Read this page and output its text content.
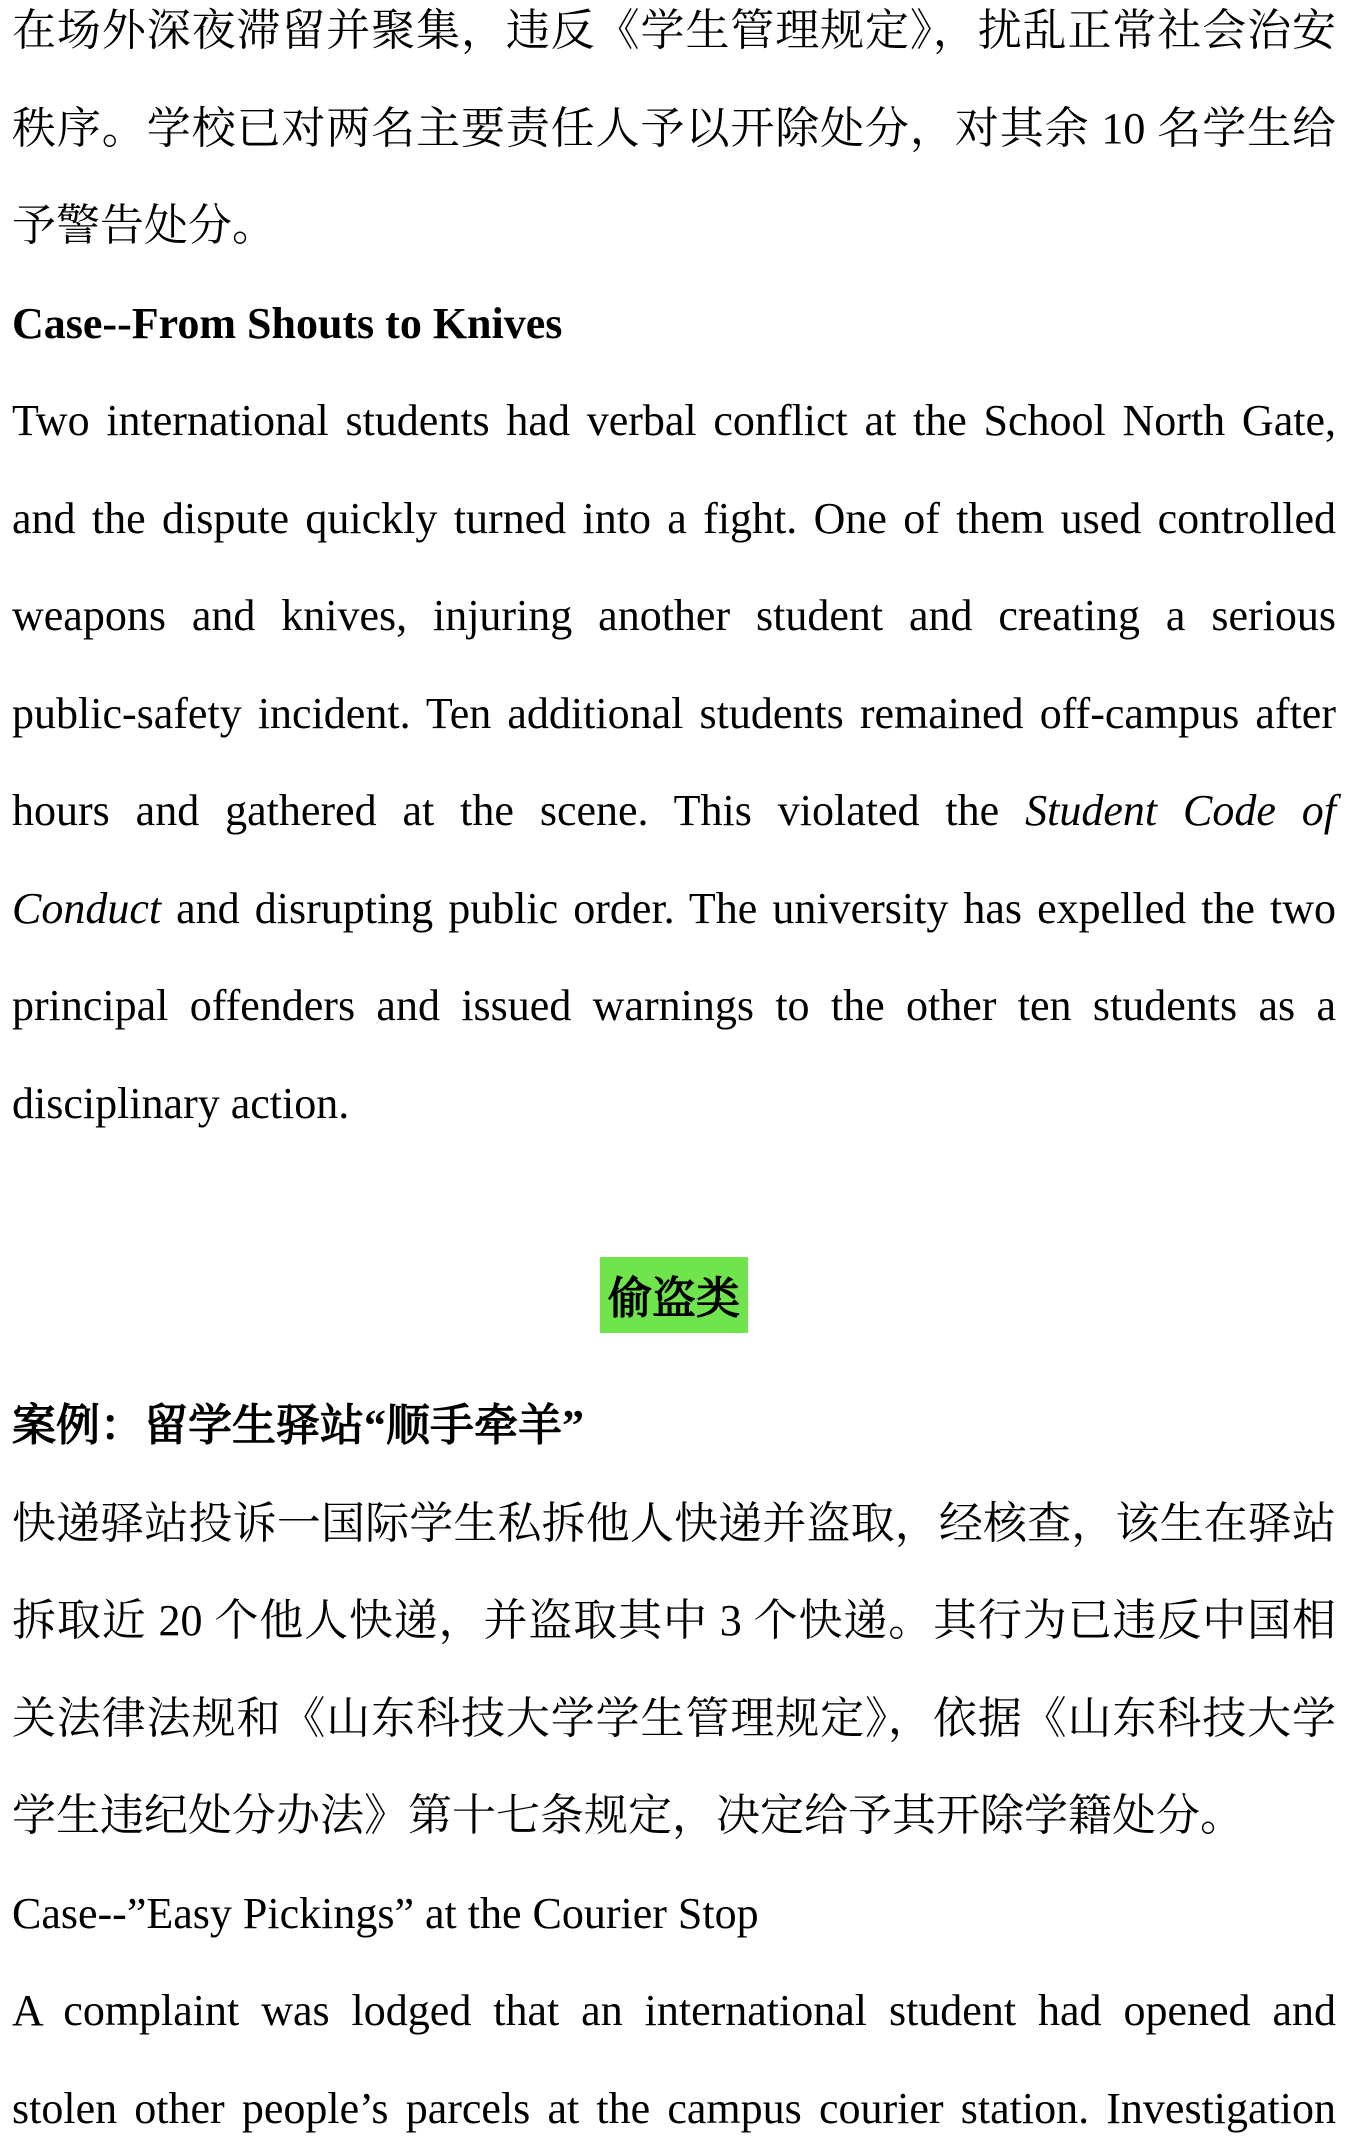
在场外深夜滞留并聚集，违反《学生管理规定》，扰乱正常社会治安
秩序。学校已对两名主要责任人予以开除处分，对其余 10 名学生给
予警告处分。
Case--From Shouts to Knives
Two international students had verbal conflict at the School North Gate,
and the dispute quickly turned into a fight. One of them used controlled
weapons and knives, injuring another student and creating a serious
public-safety incident. Ten additional students remained off-campus after
hours and gathered at the scene. This violated the Student Code of
Conduct and disrupting public order. The university has expelled the two
principal offenders and issued warnings to the other ten students as a
disciplinary action.
偷盗类
案例：留学生驿站“顺手牵羊”
快递驿站投诉一国际学生私拆他人快递并盗取，经核查，该生在驿站
拆取近 20 个他人快递，并盗取其中 3 个快递。其行为已违反中国相
关法律法规和《山东科技大学学生管理规定》，依据《山东科技大学
学生违纪处分办法》第十七条规定，决定给予其开除学籍处分。
Case--”Easy Pickings” at the Courier Stop
A complaint was lodged that an international student had opened and
stolen other people’s parcels at the campus courier station. Investigation
